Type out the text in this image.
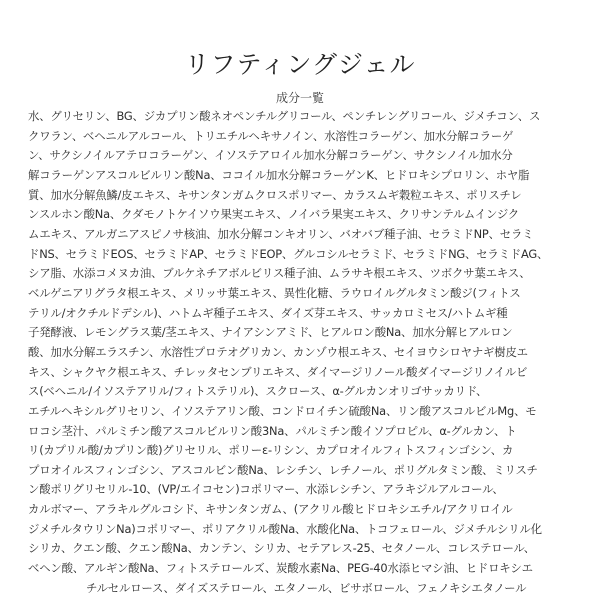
リフティングジェル
成分一覧

水、グリセリン、BG、ジカプリン酸ネオペンチルグリコール、ペンチレングリコール、ジメチコン、ス
クワラン、ベヘニルアルコール、トリエチルヘキサノイン、水溶性コラーゲン、加水分解コラーゲ
ン、サクシノイルアテロコラーゲン、イソステアロイル加水分解コラーゲン、サクシノイル加水分
解コラーゲンアスコルビルリン酸Na、ココイル加水分解コラーゲンK、ヒドロキシプロリン、ホヤ脂
質、加水分解魚鱗/皮エキス、キサンタンガムクロスポリマー、カラスムギ穀粒エキス、ポリスチレ
ンスルホン酸Na、クダモノトケイソウ果実エキス、ノイバラ果実エキス、クリサンテルムインジク
ムエキス、アルガニアスピノサ核油、加水分解コンキオリン、バオバブ種子油、セラミドNP、セラミ
ドNS、セラミドEOS、セラミドAP、セラミドEOP、グルコシルセラミド、セラミドNG、セラミドAG、
シア脂、水添コメヌカ油、ブルケネチアボルビリス種子油、ムラサキ根エキス、ツボクサ葉エキス、
ベルゲニアリグラタ根エキス、メリッサ葉エキス、異性化糖、ラウロイルグルタミン酸ジ(フィトス
テリル/オクチルドデシル)、ハトムギ種子エキス、ダイズ芽エキス、サッカロミセス/ハトムギ種
子発酵液、レモングラス葉/茎エキス、ナイアシンアミド、ヒアルロン酸Na、加水分解ヒアルロン
酸、加水分解エラスチン、水溶性プロテオグリカン、カンゾウ根エキス、セイヨウシロヤナギ樹皮エ
キス、シャクヤク根エキス、チレッタセンブリエキス、ダイマージリノール酸ダイマージリノイルビ
ス(ベヘニル/イソステアリル/フィトステリル)、スクロース、α-グルカンオリゴサッカリド、
エチルヘキシルグリセリン、イソステアリン酸、コンドロイチン硫酸Na、リン酸アスコルビルMg、モ
ロコシ茎汁、パルミチン酸アスコルビルリン酸3Na、パルミチン酸イソプロピル、α-グルカン、ト
リ(カプリル酸/カプリン酸)グリセリル、ポリーε-リシン、カプロオイルフィトスフィンゴシン、カ
プロオイルスフィンゴシン、アスコルビン酸Na、レシチン、レチノール、ポリグルタミン酸、ミリスチ
ン酸ポリグリセリル-10、(VP/エイコセン)コポリマー、水添レシチン、アラキジルアルコール、
カルボマー、アラキルグルコシド、キサンタンガム、(アクリル酸ヒドロキシエチル/アクリロイル
ジメチルタウリンNa)コポリマー、ポリアクリル酸Na、水酸化Na、トコフェロール、ジメチルシリル化
シリカ、クエン酸、クエン酸Na、カンテン、シリカ、セテアレス-25、セタノール、コレステロール、
ベヘン酸、アルギン酸Na、フィトステロールズ、炭酸水素Na、PEG-40水添ヒマシ油、ヒドロキシエ
チルセルロース、ダイズステロール、エタノール、ビサボロール、フェノキシエタノール
